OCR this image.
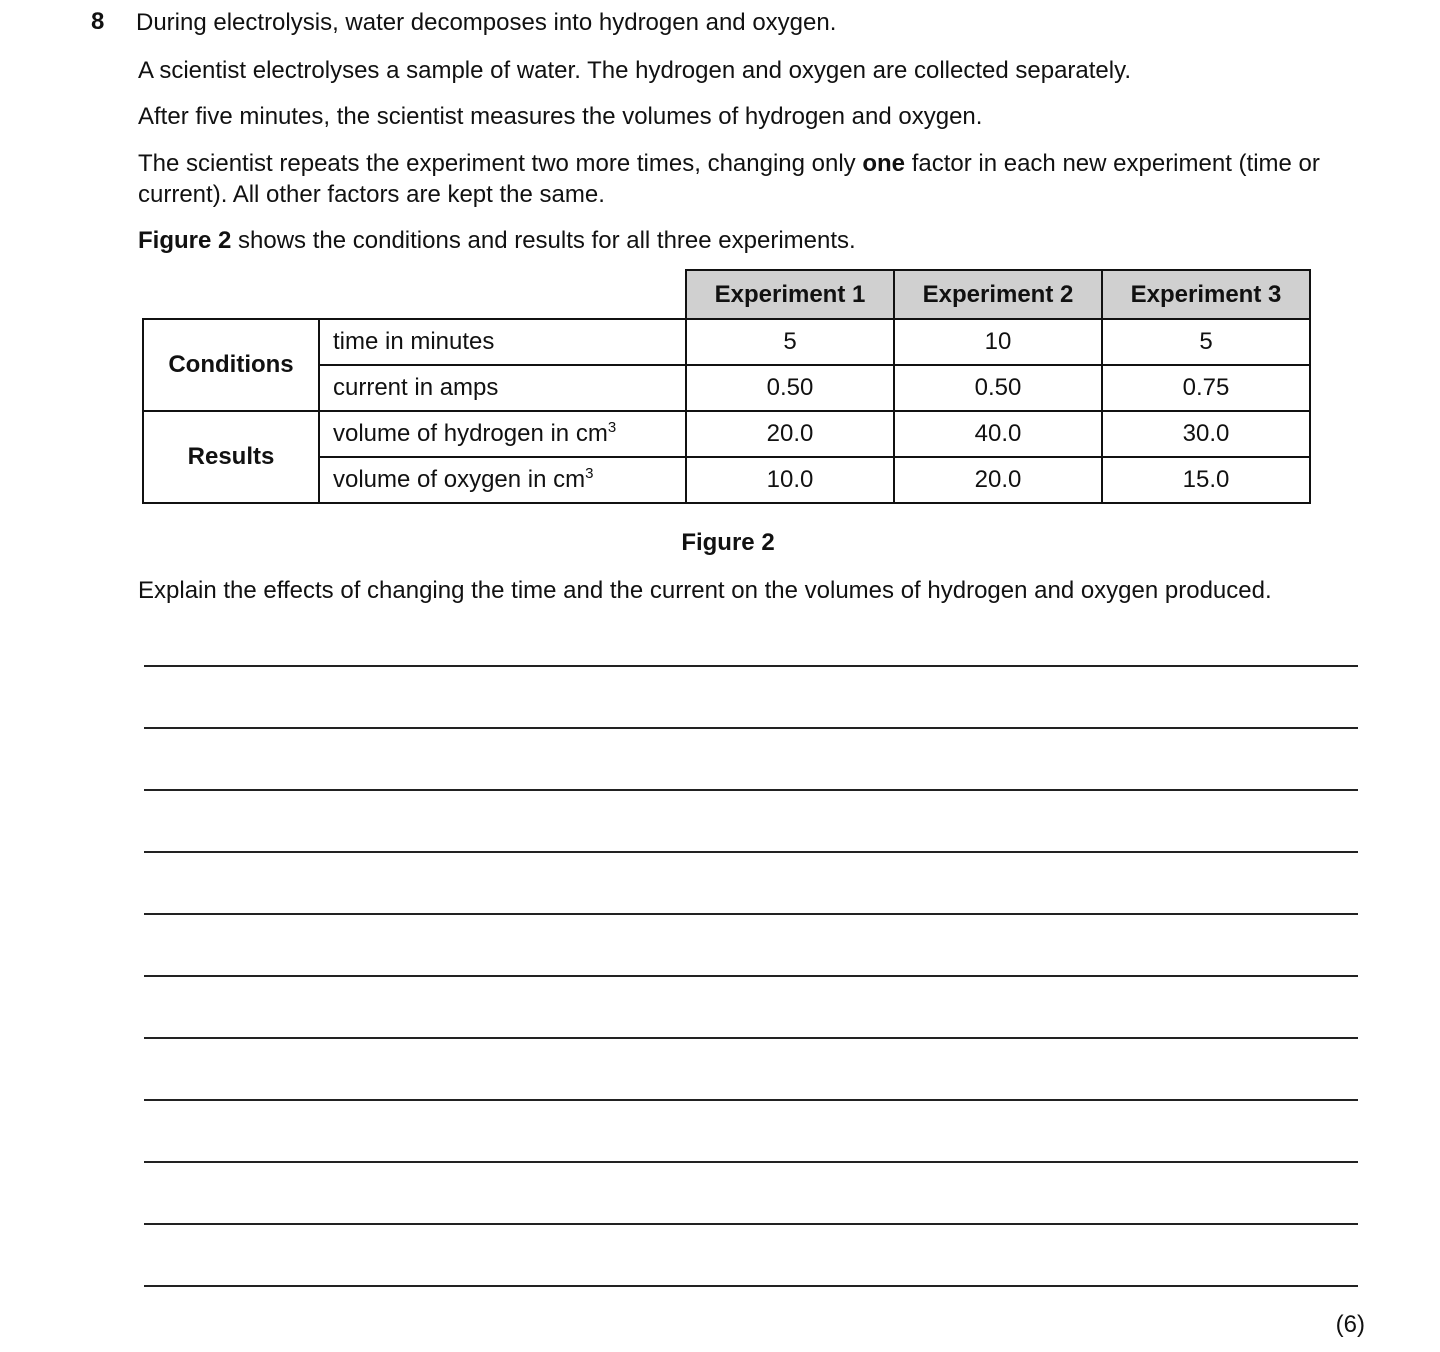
8 During electrolysis, water decomposes into hydrogen and oxygen.
A scientist electrolyses a sample of water. The hydrogen and oxygen are collected separately.
After five minutes, the scientist measures the volumes of hydrogen and oxygen.
The scientist repeats the experiment two more times, changing only one factor in each new experiment (time or current). All other factors are kept the same.
Figure 2 shows the conditions and results for all three experiments.
		Experiment 1	Experiment 2	Experiment 3
Conditions	time in minutes	5	10	5
	current in amps	0.50	0.50	0.75
Results	volume of hydrogen in $cm^3$	20.0	40.0	30.0
	volume of oxygen in $cm^3$	10.0	20.0	15.0
Figure 2
Explain the effects of changing the time and the current on the volumes of hydrogen and oxygen produced.
(6)
